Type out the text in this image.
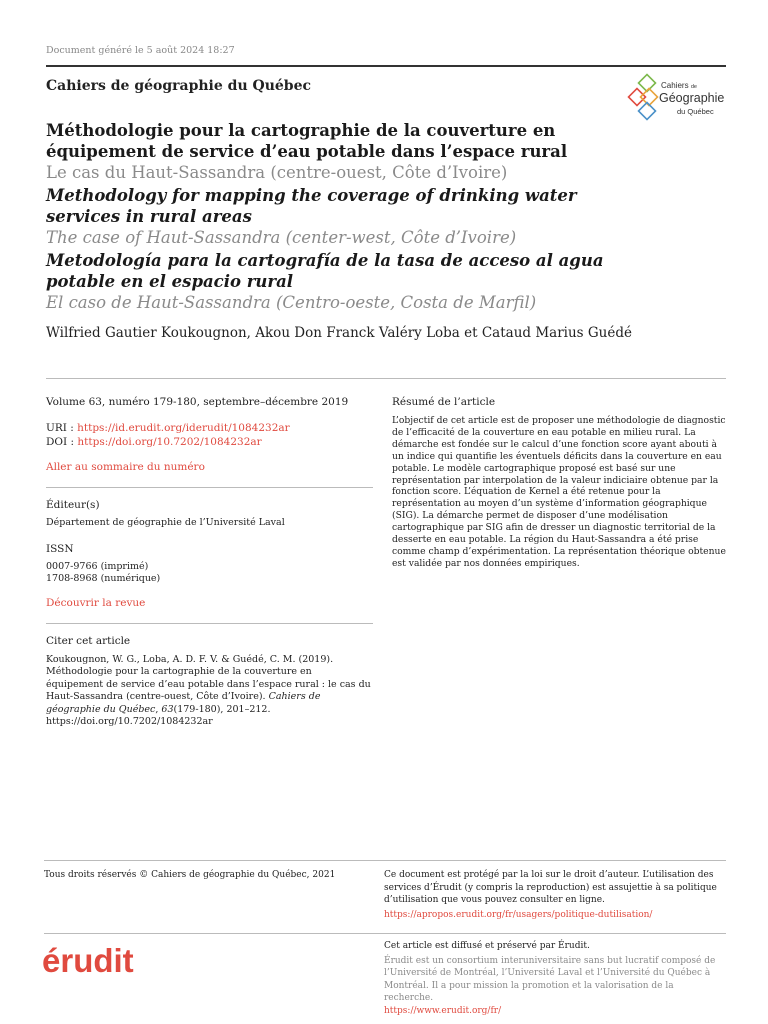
Document généré le 5 août 2024 18:27
Cahiers de géographie du Québec	Cahiers de
Géographie
du Québec
Méthodologie pour la cartographie de la couverture en équipement de service d’eau potable dans l’espace rural
Le cas du Haut-Sassandra (centre-ouest, Côte d’Ivoire)
Methodology for mapping the coverage of drinking water services in rural areas
The case of Haut-Sassandra (center-west, Côte d’Ivoire)
Metodología para la cartografía de la tasa de acceso al agua potable en el espacio rural
El caso de Haut-Sassandra (Centro-oeste, Costa de Marfil)
Wilfried Gautier Koukougnon, Akou Don Franck Valéry Loba et Cataud Marius Guédé
Volume 63, numéro 179-180, septembre–décembre 2019
URI : https://id.erudit.org/iderudit/1084232ar
DOI : https://doi.org/10.7202/1084232ar
Aller au sommaire du numéro
Éditeur(s)
Département de géographie de l’Université Laval
ISSN
0007-9766 (imprimé)
1708-8968 (numérique)
Découvrir la revue
Citer cet article
Koukougnon, W. G., Loba, A. D. F. V. & Guédé, C. M. (2019). Méthodologie pour la cartographie de la couverture en équipement de service d’eau potable dans l’espace rural : le cas du Haut-Sassandra (centre-ouest, Côte d’Ivoire). Cahiers de géographie du Québec, 63(179-180), 201–212.
https://doi.org/10.7202/1084232ar
Résumé de l’article
L’objectif de cet article est de proposer une méthodologie de diagnostic de l’efficacité de la couverture en eau potable en milieu rural. La démarche est fondée sur le calcul d’une fonction score ayant abouti à un indice qui quantifie les éventuels déficits dans la couverture en eau potable. Le modèle cartographique proposé est basé sur une représentation par interpolation de la valeur indiciaire obtenue par la fonction score. L’équation de Kernel a été retenue pour la représentation au moyen d’un système d’information géographique (SIG). La démarche permet de disposer d’une modélisation cartographique par SIG afin de dresser un diagnostic territorial de la desserte en eau potable. La région du Haut-Sassandra a été prise comme champ d’expérimentation. La représentation théorique obtenue est validée par nos données empiriques.
Tous droits réservés © Cahiers de géographie du Québec, 2021	Ce document est protégé par la loi sur le droit d’auteur. L’utilisation des services d’Érudit (y compris la reproduction) est assujettie à sa politique d’utilisation que vous pouvez consulter en ligne.
https://apropos.erudit.org/fr/usagers/politique-dutilisation/
érudit	Cet article est diffusé et préservé par Érudit.
Érudit est un consortium interuniversitaire sans but lucratif composé de l’Université de Montréal, l’Université Laval et l’Université du Québec à Montréal. Il a pour mission la promotion et la valorisation de la recherche.
https://www.erudit.org/fr/
